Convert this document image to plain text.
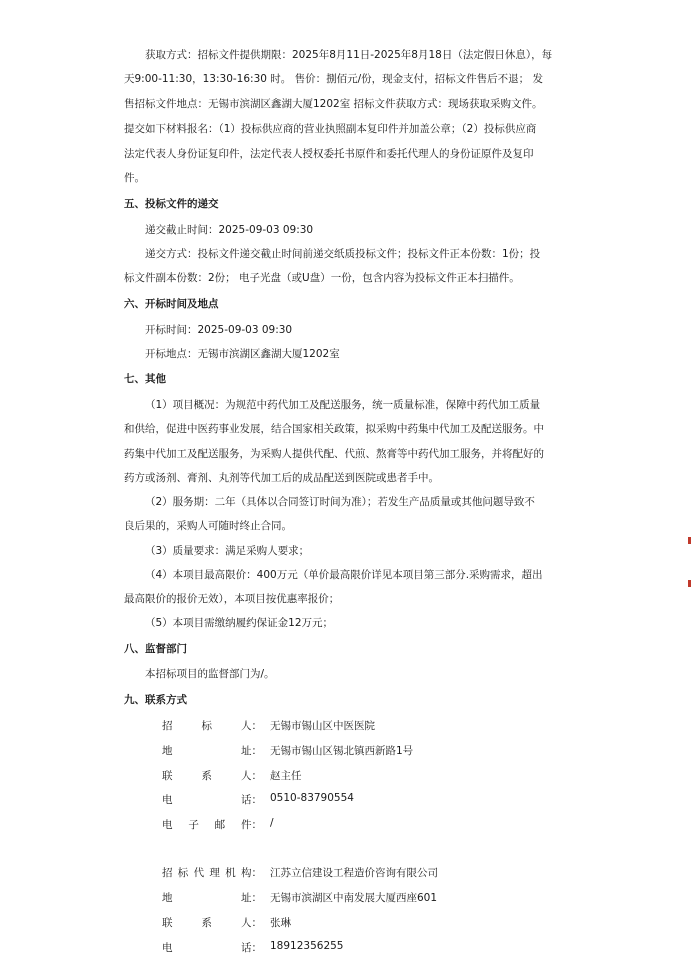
获取方式：招标文件提供期限：2025年8月11日-2025年8月18日（法定假日休息），每
天9:00-11:30，13:30-16:30 时。 售价：捌佰元/份，现金支付，招标文件售后不退； 发
售招标文件地点：无锡市滨湖区鑫湖大厦1202室 招标文件获取方式：现场获取采购文件。
提交如下材料报名：（1）投标供应商的营业执照副本复印件并加盖公章；（2）投标供应商
法定代表人身份证复印件，法定代表人授权委托书原件和委托代理人的身份证原件及复印
件。
五、投标文件的递交
递交截止时间：2025-09-03 09:30
递交方式：投标文件递交截止时间前递交纸质投标文件；投标文件正本份数：1份；投
标文件副本份数：2份； 电子光盘（或U盘）一份，包含内容为投标文件正本扫描件。
六、开标时间及地点
开标时间：2025-09-03 09:30
开标地点：无锡市滨湖区鑫湖大厦1202室
七、其他
（1）项目概况：为规范中药代加工及配送服务，统一质量标准，保障中药代加工质量
和供给，促进中医药事业发展，结合国家相关政策，拟采购中药集中代加工及配送服务。中
药集中代加工及配送服务，为采购人提供代配、代煎、熬膏等中药代加工服务，并将配好的
药方或汤剂、膏剂、丸剂等代加工后的成品配送到医院或患者手中。
（2）服务期：二年（具体以合同签订时间为准）；若发生产品质量或其他问题导致不
良后果的，采购人可随时终止合同。
（3）质量要求：满足采购人要求；
（4）本项目最高限价：400万元（单价最高限价详见本项目第三部分.采购需求，超出
最高限价的报价无效），本项目按优惠率报价；
（5）本项目需缴纳履约保证金12万元；
八、监督部门
本招标项目的监督部门为/。
九、联系方式
招	标	人： 无锡市锡山区中医医院
地	址： 无锡市锡山区锡北镇西新路1号
联	系	人： 赵主任
电	话： 0510-83790554
电 子 邮 件： /
招 标 代 理 机 构： 江苏立信建设工程造价咨询有限公司
地	址： 无锡市滨湖区中南发展大厦西座601
联	系	人： 张琳
电	话： 18912356255
